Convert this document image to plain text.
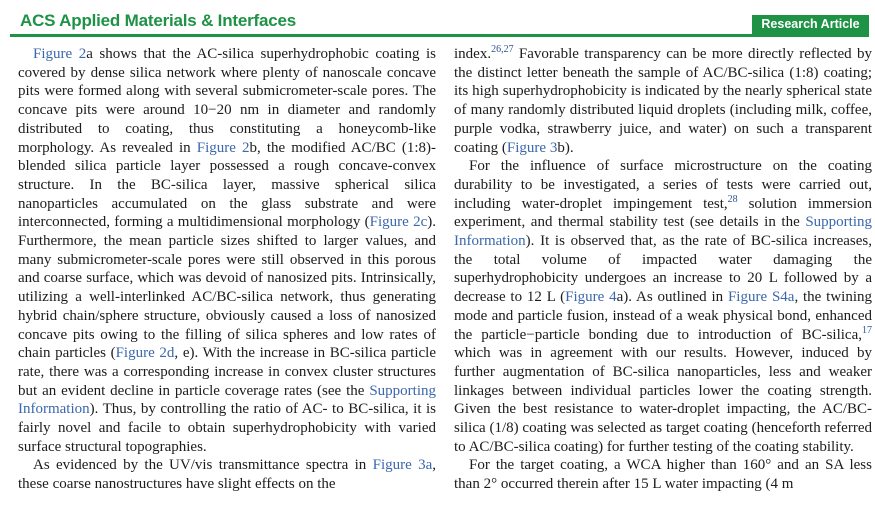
ACS Applied Materials & Interfaces	Research Article

Figure 2a shows that the AC-silica superhydrophobic coating is covered by dense silica network where plenty of nanoscale concave pits were formed along with several submicrometer-scale pores. The concave pits were around 10−20 nm in diameter and randomly distributed to coating, thus constituting a honeycomb-like morphology. As revealed in Figure 2b, the modified AC/BC (1:8)-blended silica particle layer possessed a rough concave-convex structure. In the BC-silica layer, massive spherical silica nanoparticles accumulated on the glass substrate and were interconnected, forming a multidimensional morphology (Figure 2c). Furthermore, the mean particle sizes shifted to larger values, and many submicrometer-scale pores were still observed in this porous and coarse surface, which was devoid of nanosized pits. Intrinsically, utilizing a well-interlinked AC/BC-silica network, thus generating hybrid chain/sphere structure, obviously caused a loss of nanosized concave pits owing to the filling of silica spheres and low rates of chain particles (Figure 2d, e). With the increase in BC-silica particle rate, there was a corresponding increase in convex cluster structures but an evident decline in particle coverage rates (see the Supporting Information). Thus, by controlling the ratio of AC- to BC-silica, it is fairly novel and facile to obtain superhydrophobicity with varied surface structural topographies.

As evidenced by the UV/vis transmittance spectra in Figure 3a, these coarse nanostructures have slight effects on the

index.$^{26,27}$ Favorable transparency can be more directly reflected by the distinct letter beneath the sample of AC/BC-silica (1:8) coating; its high superhydrophobicity is indicated by the nearly spherical state of many randomly distributed liquid droplets (including milk, coffee, purple vodka, strawberry juice, and water) on such a transparent coating (Figure 3b).

For the influence of surface microstructure on the coating durability to be investigated, a series of tests were carried out, including water-droplet impingement test,$^{28}$ solution immersion experiment, and thermal stability test (see details in the Supporting Information). It is observed that, as the rate of BC-silica increases, the total volume of impacted water damaging the superhydrophobicity undergoes an increase to 20 L followed by a decrease to 12 L (Figure 4a). As outlined in Figure S4a, the twining mode and particle fusion, instead of a weak physical bond, enhanced the particle−particle bonding due to introduction of BC-silica,$^{17}$ which was in agreement with our results. However, induced by further augmentation of BC-silica nanoparticles, less and weaker linkages between individual particles lower the coating strength. Given the best resistance to water-droplet impacting, the AC/BC-silica (1/8) coating was selected as target coating (henceforth referred to AC/BC-silica coating) for further testing of the coating stability.

For the target coating, a WCA higher than 160° and an SA less than 2° occurred therein after 15 L water impacting (4 m
